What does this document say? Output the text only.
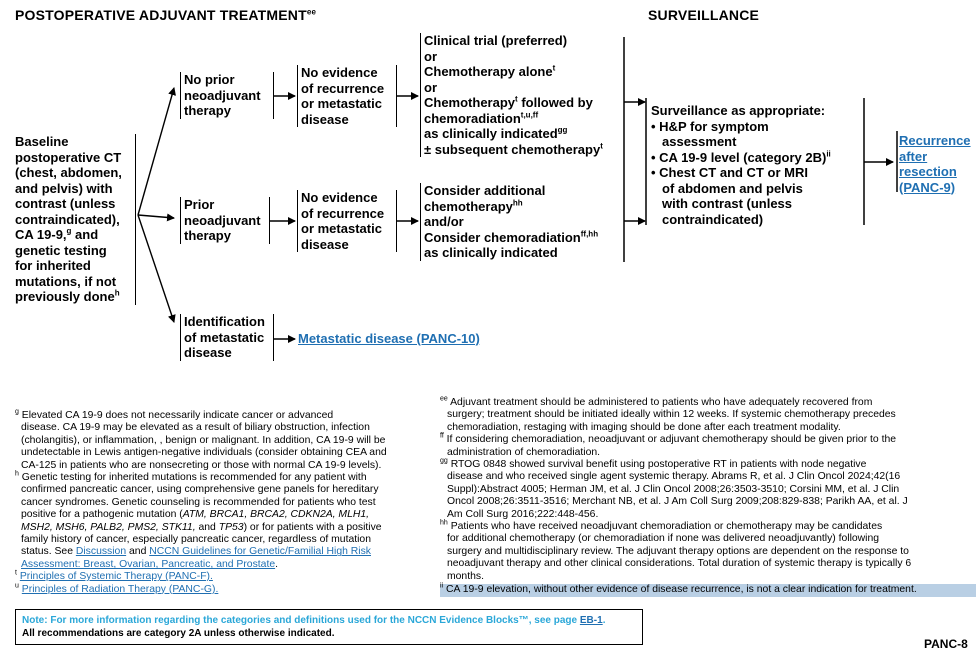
POSTOPERATIVE ADJUVANT $TREATMENT^{ee}$	SURVEILLANCE
Baseline
postoperative CT
(chest, abdomen,
and pelvis) with
contrast (unless
contraindicated),
CA 19-9,$^g$ and
genetic testing
for inherited
mutations, if not
previously done$^h$
No prior
neoadjuvant
therapy
Prior
neoadjuvant
therapy
Identification
of metastatic
disease
No evidence
of recurrence
or metastatic
disease
No evidence
of recurrence
or metastatic
disease
Clinical trial (preferred)
or
Chemotherapy alone$^t$
or
Chemotherapy$^t$ followed by
chemoradiation$^{t,u,ff}$
as clinically indicated$^{gg}$
± subsequent chemotherapy$^t$
Consider additional
chemotherapy$^{hh}$
and/or
Consider chemoradiation$^{ff,hh}$
as clinically indicated
Metastatic disease (PANC-10)
Surveillance as appropriate:
• H&P for symptom
assessment
• CA 19-9 level (category 2B)$^{ii}$
• Chest CT and CT or MRI
of abdomen and pelvis
with contrast (unless
contraindicated)
Recurrence
after
resection
(PANC-9)
$^g$ Elevated CA 19-9 does not necessarily indicate cancer or advanced
disease. CA 19-9 may be elevated as a result of biliary obstruction, infection
(cholangitis), or inflammation, , benign or malignant. In addition, CA 19-9 will be
undetectable in Lewis antigen-negative individuals (consider obtaining CEA and
CA-125 in patients who are nonsecreting or those with normal CA 19-9 levels).
$^h$ Genetic testing for inherited mutations is recommended for any patient with
confirmed pancreatic cancer, using comprehensive gene panels for hereditary
cancer syndromes. Genetic counseling is recommended for patients who test
positive for a pathogenic mutation (ATM, BRCA1, BRCA2, CDKN2A, MLH1,
MSH2, MSH6, PALB2, PMS2, STK11, and TP53) or for patients with a positive
family history of cancer, especially pancreatic cancer, regardless of mutation
status. See Discussion and NCCN Guidelines for Genetic/Familial High Risk
Assessment: Breast, Ovarian, Pancreatic, and Prostate.
$^t$ Principles of Systemic Therapy (PANC-F).
$^u$ Principles of Radiation Therapy (PANC-G).
$^{ee}$ Adjuvant treatment should be administered to patients who have adequately recovered from
surgery; treatment should be initiated ideally within 12 weeks. If systemic chemotherapy precedes
chemoradiation, restaging with imaging should be done after each treatment modality.
$^{ff}$ If considering chemoradiation, neoadjuvant or adjuvant chemotherapy should be given prior to the
administration of chemoradiation.
$^{gg}$ RTOG 0848 showed survival benefit using postoperative RT in patients with node negative
disease and who received single agent systemic therapy. Abrams R, et al. J Clin Oncol 2024;42(16
Suppl):Abstract 4005; Herman JM, et al. J Clin Oncol 2008;26:3503-3510; Corsini MM, et al. J Clin
Oncol 2008;26:3511-3516; Merchant NB, et al. J Am Coll Surg 2009;208:829-838; Parikh AA, et al. J
Am Coll Surg 2016;222:448-456.
$^{hh}$ Patients who have received neoadjuvant chemoradiation or chemotherapy may be candidates
for additional chemotherapy (or chemoradiation if none was delivered neoadjuvantly) following
surgery and multidisciplinary review. The adjuvant therapy options are dependent on the response to
neoadjuvant therapy and other clinical considerations. Total duration of systemic therapy is typically 6
months.
$^{ii}$ CA 19-9 elevation, without other evidence of disease recurrence, is not a clear indication for treatment.
Note: For more information regarding the categories and definitions used for the NCCN Evidence Blocks™, see page EB-1.
All recommendations are category 2A unless otherwise indicated.
PANC-8
